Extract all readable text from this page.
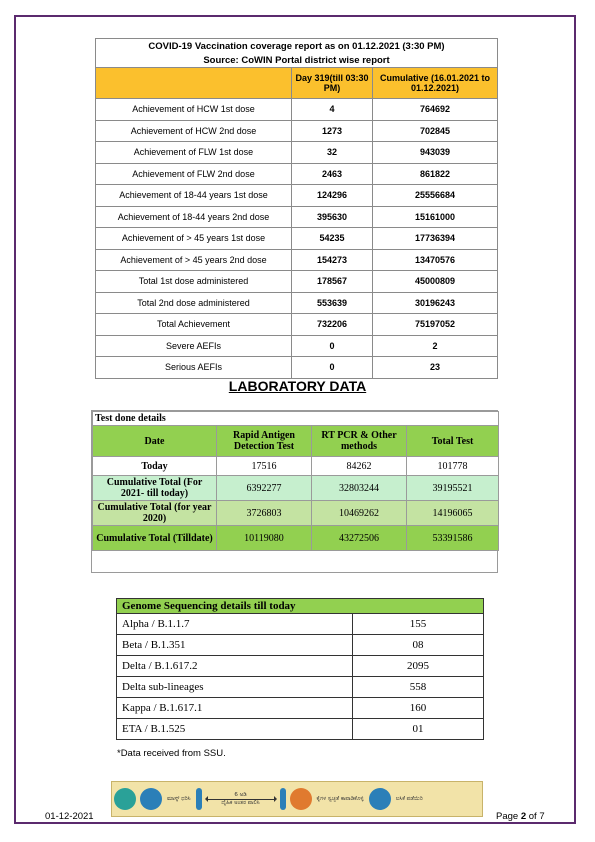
COVID-19 Vaccination coverage report as on 01.12.2021 (3:30 PM)		
Source: CoWIN Portal district wise report		
	Day 319(till 03:30 PM)	Cumulative (16.01.2021 to 01.12.2021)
Achievement of HCW 1st dose	4	764692
Achievement of HCW 2nd dose	1273	702845
Achievement of FLW 1st dose	32	943039
Achievement of FLW 2nd dose	2463	861822
Achievement of 18-44 years 1st dose	124296	25556684
Achievement of 18-44 years 2nd dose	395630	15161000
Achievement of > 45 years 1st dose	54235	17736394
Achievement of > 45 years 2nd dose	154273	13470576
Total 1st dose administered	178567	45000809
Total 2nd dose administered	553639	30196243
Total Achievement	732206	75197052
Severe AEFIs	0	2
Serious AEFIs	0	23
LABORATORY DATA
Test done details			
Date	Rapid Antigen Detection Test	RT PCR & Other methods	Total Test
Today	17516	84262	101778
Cumulative Total (For 2021- till today)	6392277	32803244	39195521
Cumulative Total (for year 2020)	3726803	10469262	14196065
Cumulative Total (Tilldate)	10119080	43272506	53391586
Genome Sequencing details till today	
Alpha / B.1.1.7	155
Beta / B.1.351	08
Delta / B.1.617.2	2095
Delta sub-lineages	558
Kappa / B.1.617.1	160
ETA / B.1.525	01
*Data received from SSU.
ಮಾಸ್ಕ್ ಧರಿಸಿ
6 ಅಡಿ
ದೈಹಿಕ ಅಂತರ ಪಾಲಿಸಿ
ಕೈಗಳ ಸ್ವಚ್ಛತೆ ಕಾಪಾಡಿಕೊಳ್ಳಿ	ಲಸಿಕೆ ಪಡೆಯಿರಿ
01-12-2021	Page 2 of 7
